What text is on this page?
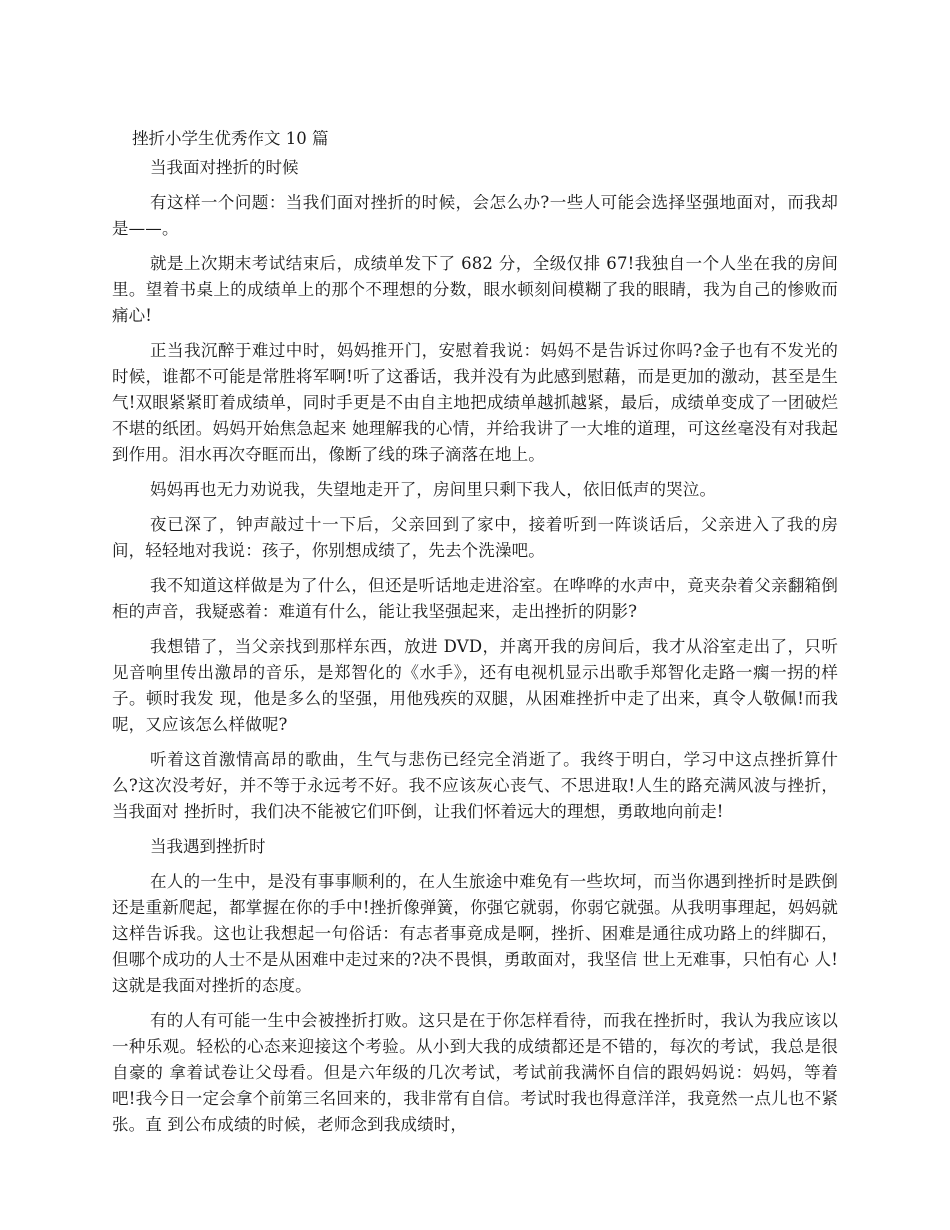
挫折小学生优秀作文 10 篇
当我面对挫折的时候

有这样一个问题：当我们面对挫折的时候，会怎么办?一些人可能会选择坚强地面对，而我却是——。

就是上次期末考试结束后，成绩单发下了 682 分，全级仅排 67!我独自一个人坐在我的房间里。望着书桌上的成绩单上的那个不理想的分数，眼水顿刻间模糊了我的眼睛，我为自己的惨败而痛心!

正当我沉醉于难过中时，妈妈推开门，安慰着我说：妈妈不是告诉过你吗?金子也有不发光的时候，谁都不可能是常胜将军啊!听了这番话，我并没有为此感到慰藉，而是更加的激动，甚至是生气!双眼紧紧盯着成绩单，同时手更是不由自主地把成绩单越抓越紧，最后，成绩单变成了一团破烂不堪的纸团。妈妈开始焦急起来 她理解我的心情，并给我讲了一大堆的道理，可这丝毫没有对我起到作用。泪水再次夺眶而出，像断了线的珠子滴落在地上。

妈妈再也无力劝说我，失望地走开了，房间里只剩下我人，依旧低声的哭泣。

夜已深了，钟声敲过十一下后，父亲回到了家中，接着听到一阵谈话后，父亲进入了我的房间，轻轻地对我说：孩子，你别想成绩了，先去个洗澡吧。

我不知道这样做是为了什么，但还是听话地走进浴室。在哗哗的水声中，竟夹杂着父亲翻箱倒柜的声音，我疑惑着：难道有什么，能让我坚强起来，走出挫折的阴影?

我想错了，当父亲找到那样东西，放进 DVD，并离开我的房间后，我才从浴室走出了，只听见音响里传出激昂的音乐，是郑智化的《水手》，还有电视机显示出歌手郑智化走路一瘸一拐的样子。顿时我发 现，他是多么的坚强，用他残疾的双腿，从困难挫折中走了出来，真令人敬佩!而我呢，又应该怎么样做呢?

听着这首激情高昂的歌曲，生气与悲伤已经完全消逝了。我终于明白，学习中这点挫折算什么?这次没考好，并不等于永远考不好。我不应该灰心丧气、不思进取!人生的路充满风波与挫折，当我面对 挫折时，我们决不能被它们吓倒，让我们怀着远大的理想，勇敢地向前走!

当我遇到挫折时

在人的一生中，是没有事事顺利的，在人生旅途中难免有一些坎坷，而当你遇到挫折时是跌倒还是重新爬起，都掌握在你的手中!挫折像弹簧，你强它就弱，你弱它就强。从我明事理起，妈妈就 这样告诉我。这也让我想起一句俗话：有志者事竟成是啊，挫折、困难是通往成功路上的绊脚石，但哪个成功的人士不是从困难中走过来的?决不畏惧，勇敢面对，我坚信 世上无难事，只怕有心 人!这就是我面对挫折的态度。

有的人有可能一生中会被挫折打败。这只是在于你怎样看待，而我在挫折时，我认为我应该以一种乐观。轻松的心态来迎接这个考验。从小到大我的成绩都还是不错的，每次的考试，我总是很自豪的 拿着试卷让父母看。但是六年级的几次考试，考试前我满怀自信的跟妈妈说：妈妈，等着吧!我今日一定会拿个前第三名回来的，我非常有自信。考试时我也得意洋洋，我竟然一点儿也不紧张。直 到公布成绩的时候，老师念到我成绩时，
